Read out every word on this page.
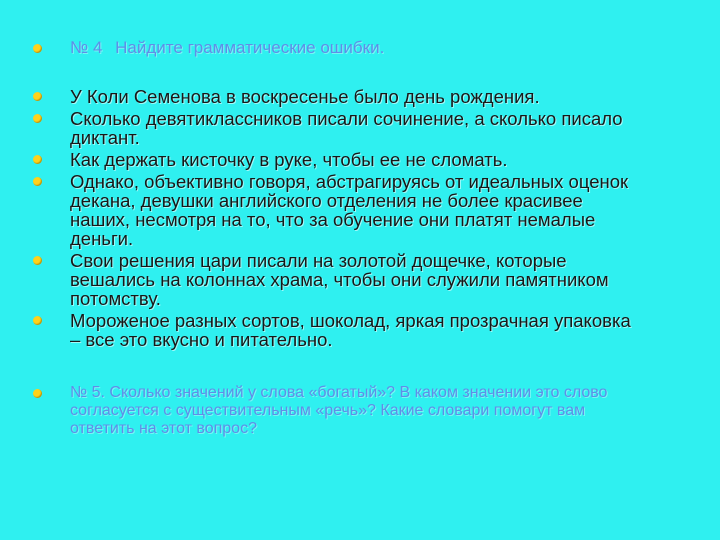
№ 4 Найдите грамматические ошибки.
У Коли Семенова в воскресенье было день рождения.
Сколько девятиклассников писали сочинение, а сколько писало
диктант.
Как держать кисточку в руке, чтобы ее не сломать.
Однако, объективно говоря, абстрагируясь от идеальных оценок
декана, девушки английского отделения не более красивее
наших, несмотря на то, что за обучение они платят немалые
деньги.
Свои решения цари писали на золотой дощечке, которые
вешались на колоннах храма, чтобы они служили памятником
потомству.
Мороженое разных сортов, шоколад, яркая прозрачная упаковка
– все это вкусно и питательно.
№ 5. Сколько значений у слова «богатый»? В каком значении это слово
согласуется с существительным «речь»? Какие словари помогут вам
ответить на этот вопрос?
